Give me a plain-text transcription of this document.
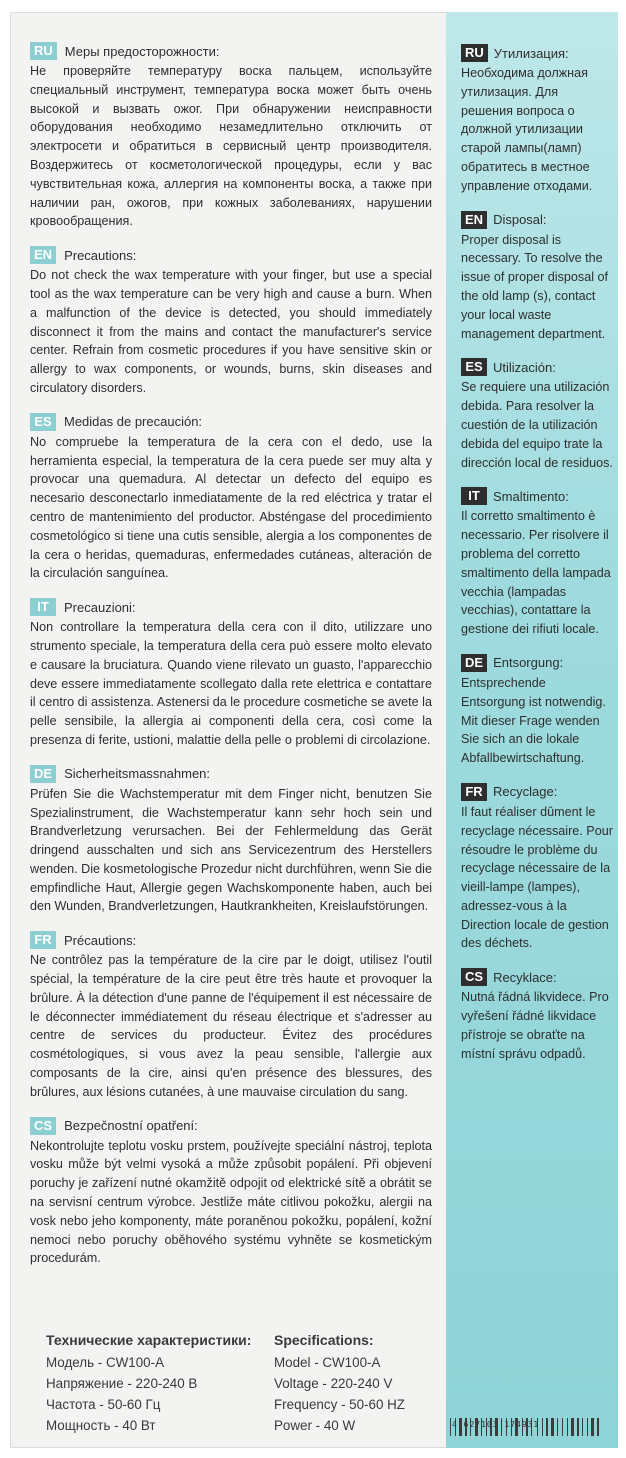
RU Меры предосторожности:
Не проверяйте температуру воска пальцем, используйте специальный инструмент, температура воска может быть очень высокой и вызвать ожог. При обнаружении неисправности оборудования необходимо незамедлительно отключить от электросети и обратиться в сервисный центр производителя. Воздержитесь от косметологической процедуры, если у вас чувствительная кожа, аллергия на компоненты воска, а также при наличии ран, ожогов, при кожных заболеваниях, нарушении кровообращения.
EN Precautions:
Do not check the wax temperature with your finger, but use a special tool as the wax temperature can be very high and cause a burn. When a malfunction of the device is detected, you should immediately disconnect it from the mains and contact the manufacturer's service center. Refrain from cosmetic procedures if you have sensitive skin or allergy to wax components, or wounds, burns, skin diseases and circulatory disorders.
ES Medidas de precaución:
No compruebe la temperatura de la cera con el dedo, use la herramienta especial, la temperatura de la cera puede ser muy alta y provocar una quemadura. Al detectar un defecto del equipo es necesario desconectarlo inmediatamente de la red eléctrica y tratar el centro de mantenimiento del productor. Absténgase del procedimiento cosmetológico si tiene una cutis sensible, alergia a los componentes de la cera o heridas, quemaduras, enfermedades cutáneas, alteración de la circulación sanguínea.
IT	Precauzioni:
Non controllare la temperatura della cera con il dito, utilizzare uno strumento speciale, la temperatura della cera può essere molto elevato e causare la bruciatura. Quando viene rilevato un guasto, l'apparecchio deve essere immediatamente scollegato dalla rete elettrica e contattare il centro di assistenza. Astenersi da le procedure cosmetiche se avete la pelle sensibile, la allergia ai componenti della cera, così come la presenza di ferite, ustioni, malattie della pelle o problemi di circolazione.
DE Sicherheitsmassnahmen:
Prüfen Sie die Wachstemperatur mit dem Finger nicht, benutzen Sie Spezialinstrument, die Wachstemperatur kann sehr hoch sein und Brandverletzung verursachen. Bei der Fehlermeldung das Gerät dringend ausschalten und sich ans Servicezentrum des Herstellers wenden. Die kosmetologische Prozedur nicht durchführen, wenn Sie die empfindliche Haut, Allergie gegen Wachskomponente haben, auch bei den Wunden, Brandverletzungen, Hautkrankheiten, Kreislaufstörungen.
FR Précautions:
Ne contrôlez pas la température de la cire par le doigt, utilisez l'outil spécial, la température de la cire peut être très haute et provoquer la brûlure. À la détection d'une panne de l'équipement il est nécessaire de le déconnecter immédiatement du réseau électrique et s'adresser au centre de services du producteur. Évitez des procédures cosmétologiques, si vous avez la peau sensible, l'allergie aux composants de la cire, ainsi qu'en présence des blessures, des brûlures, aux lésions cutanées, à une mauvaise circulation du sang.
CS Bezpečnostní opatření:
Nekontrolujte teplotu vosku prstem, používejte speciální nástroj, teplota vosku může být velmi vysoká a může způsobit popálení. Při objevení poruchy je zařízení nutné okamžitě odpojit od elektrické sítě a obrátit se na servisní centrum výrobce. Jestliže máte citlivou pokožku, alergii na vosk nebo jeho komponenty, máte poraněnou pokožku, popálení, kožní nemoci nebo poruchy oběhového systému vyhněte se kosmetickým procedurám.
RU Утилизация:
Необходима должная утилизация. Для решения вопроса о должной утилизации старой лампы(ламп) обратитесь в местное управление отходами.
EN Disposal:
Proper disposal is necessary. To resolve the issue of proper disposal of the old lamp (s), contact your local waste management department.
ES Utilización:
Se requiere una utilización debida. Para resolver la cuestión de la utilización debida del equipo trate la dirección local de residuos.
IT	Smaltimento:
Il corretto smaltimento è necessario. Per risolvere il problema del corretto smaltimento della lampada vecchia (lampadas vecchias), contattare la gestione dei rifiuti locale.
DE Entsorgung:
Entsprechende Entsorgung ist notwendig. Mit dieser Frage wenden Sie sich an die lokale Abfallbewirtschaftung.
FR Recyclage:
Il faut réaliser dûment le recyclage nécessaire. Pour résoudre le problème du recyclage nécessaire de la vieill-lampe (lampes), adressez-vous à la Direction locale de gestion des déchets.
CS Recyklace:
Nutná řádná likvidece. Pro vyřešení řádné likvidace přístroje se obraťte na místní správu odpadů.
Технические характеристики:
Модель - CW100-A
Напряжение - 220-240 В
Частота - 50-60 Гц
Мощность - 40 Вт
Specifications:
Model - CW100-A
Voltage - 220-240 V
Frequency - 50-60 HZ
Power - 40 W	4 627103 174931
